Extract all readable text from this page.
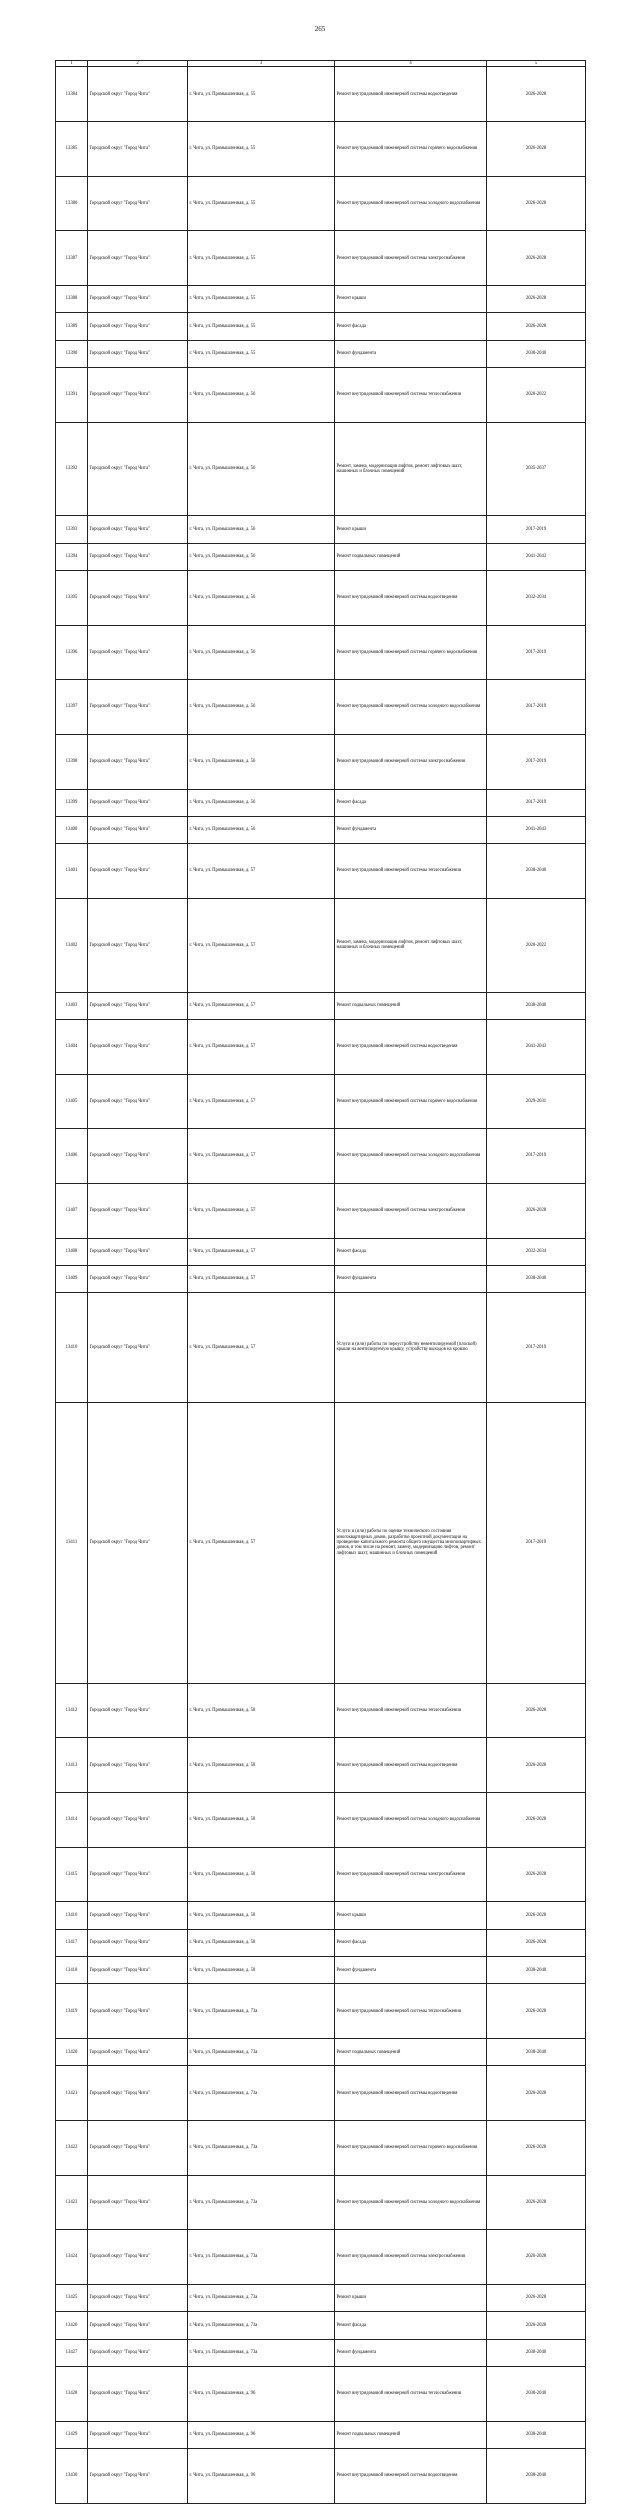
265
1	2	3	4	5
13384	Городской округ "Город Чита"	г. Чита, ул. Промышленная, д. 55	Ремонт внутридомовой инженерной системы водоотведения	2026-2028
13385	Городской округ "Город Чита"	г. Чита, ул. Промышленная, д. 55	Ремонт внутридомовой инженерной системы горячего водоснабжения	2026-2028
13386	Городской округ "Город Чита"	г. Чита, ул. Промышленная, д. 55	Ремонт внутридомовой инженерной системы холодного водоснабжения	2026-2028
13387	Городской округ "Город Чита"	г. Чита, ул. Промышленная, д. 55	Ремонт внутридомовой инженерной системы электроснабжения	2026-2028
13388	Городской округ "Город Чита"	г. Чита, ул. Промышленная, д. 55	Ремонт крыши	2026-2028
13389	Городской округ "Город Чита"	г. Чита, ул. Промышленная, д. 55	Ремонт фасада	2026-2028
13390	Городской округ "Город Чита"	г. Чита, ул. Промышленная, д. 55	Ремонт фундамента	2038-2040
13391	Городской округ "Город Чита"	г. Чита, ул. Промышленная, д. 56	Ремонт внутридомовой инженерной системы теплоснабжения	2020-2022
13392	Городской округ "Город Чита"	г. Чита, ул. Промышленная, д. 56	Ремонт, замена, модернизация лифтов, ремонт лифтовых шахт, машинных и блочных помещений	2035-2037
13393	Городской округ "Город Чита"	г. Чита, ул. Промышленная, д. 56	Ремонт крыши	2017-2019
13394	Городской округ "Город Чита"	г. Чита, ул. Промышленная, д. 56	Ремонт подвальных помещений	2041-2043
13395	Городской округ "Город Чита"	г. Чита, ул. Промышленная, д. 56	Ремонт внутридомовой инженерной системы водоотведения	2032-2034
13396	Городской округ "Город Чита"	г. Чита, ул. Промышленная, д. 56	Ремонт внутридомовой инженерной системы горячего водоснабжения	2017-2019
13397	Городской округ "Город Чита"	г. Чита, ул. Промышленная, д. 56	Ремонт внутридомовой инженерной системы холодного водоснабжения	2017-2019
13398	Городской округ "Город Чита"	г. Чита, ул. Промышленная, д. 56	Ремонт внутридомовой инженерной системы электроснабжения	2017-2019
13399	Городской округ "Город Чита"	г. Чита, ул. Промышленная, д. 56	Ремонт фасада	2017-2019
13400	Городской округ "Город Чита"	г. Чита, ул. Промышленная, д. 56	Ремонт фундамента	2041-2043
13401	Городской округ "Город Чита"	г. Чита, ул. Промышленная, д. 57	Ремонт внутридомовой инженерной системы теплоснабжения	2038-2040
13402	Городской округ "Город Чита"	г. Чита, ул. Промышленная, д. 57	Ремонт, замена, модернизация лифтов, ремонт лифтовых шахт, машинных и блочных помещений	2020-2022
13403	Городской округ "Город Чита"	г. Чита, ул. Промышленная, д. 57	Ремонт подвальных помещений	2038-2040
13404	Городской округ "Город Чита"	г. Чита, ул. Промышленная, д. 57	Ремонт внутридомовой инженерной системы водоотведения	2041-2043
13405	Городской округ "Город Чита"	г. Чита, ул. Промышленная, д. 57	Ремонт внутридомовой инженерной системы горячего водоснабжения	2029-2031
13406	Городской округ "Город Чита"	г. Чита, ул. Промышленная, д. 57	Ремонт внутридомовой инженерной системы холодного водоснабжения	2017-2019
13407	Городской округ "Город Чита"	г. Чита, ул. Промышленная, д. 57	Ремонт внутридомовой инженерной системы электроснабжения	2026-2028
13408	Городской округ "Город Чита"	г. Чита, ул. Промышленная, д. 57	Ремонт фасада	2032-2034
13409	Городской округ "Город Чита"	г. Чита, ул. Промышленная, д. 57	Ремонт фундамента	2038-2040
13410	Городской округ "Город Чита"	г. Чита, ул. Промышленная, д. 57	Услуги и (или) работы по переустройству невентилируемой (плоской) крыши на вентилируемую крышу, устройству выходов на кровлю	2017-2019
13411	Городской округ "Город Чита"	г. Чита, ул. Промышленная, д. 57	Услуги и (или) работы по оценке технического состояния многоквартирных домов, разработке проектной документации на проведение капитального ремонта общего имущества многоквартирных домов, в том числе на ремонт, замену, модернизацию лифтов, ремонт лифтовых шахт, машинных и блочных помещений	2017-2019
13412	Городской округ "Город Чита"	г. Чита, ул. Промышленная, д. 58	Ремонт внутридомовой инженерной системы теплоснабжения	2026-2028
13413	Городской округ "Город Чита"	г. Чита, ул. Промышленная, д. 58	Ремонт внутридомовой инженерной системы водоотведения	2026-2028
13414	Городской округ "Город Чита"	г. Чита, ул. Промышленная, д. 58	Ремонт внутридомовой инженерной системы холодного водоснабжения	2026-2028
13415	Городской округ "Город Чита"	г. Чита, ул. Промышленная, д. 58	Ремонт внутридомовой инженерной системы электроснабжения	2026-2028
13416	Городской округ "Город Чита"	г. Чита, ул. Промышленная, д. 58	Ремонт крыши	2026-2028
13417	Городской округ "Город Чита"	г. Чита, ул. Промышленная, д. 58	Ремонт фасада	2026-2028
13418	Городской округ "Город Чита"	г. Чита, ул. Промышленная, д. 58	Ремонт фундамента	2038-2040
13419	Городской округ "Город Чита"	г. Чита, ул. Промышленная, д. 73а	Ремонт внутридомовой инженерной системы теплоснабжения	2026-2028
13420	Городской округ "Город Чита"	г. Чита, ул. Промышленная, д. 73а	Ремонт подвальных помещений	2038-2040
13421	Городской округ "Город Чита"	г. Чита, ул. Промышленная, д. 73а	Ремонт внутридомовой инженерной системы водоотведения	2026-2028
13422	Городской округ "Город Чита"	г. Чита, ул. Промышленная, д. 73а	Ремонт внутридомовой инженерной системы горячего водоснабжения	2026-2028
13423	Городской округ "Город Чита"	г. Чита, ул. Промышленная, д. 73а	Ремонт внутридомовой инженерной системы холодного водоснабжения	2026-2028
13424	Городской округ "Город Чита"	г. Чита, ул. Промышленная, д. 73а	Ремонт внутридомовой инженерной системы электроснабжения	2026-2028
13425	Городской округ "Город Чита"	г. Чита, ул. Промышленная, д. 73а	Ремонт крыши	2026-2028
13426	Городской округ "Город Чита"	г. Чита, ул. Промышленная, д. 73а	Ремонт фасада	2026-2028
13427	Городской округ "Город Чита"	г. Чита, ул. Промышленная, д. 73а	Ремонт фундамента	2038-2040
13428	Городской округ "Город Чита"	г. Чита, ул. Промышленная, д. 96	Ремонт внутридомовой инженерной системы теплоснабжения	2038-2040
13429	Городской округ "Город Чита"	г. Чита, ул. Промышленная, д. 96	Ремонт подвальных помещений	2038-2040
13430	Городской округ "Город Чита"	г. Чита, ул. Промышленная, д. 96	Ремонт внутридомовой инженерной системы водоотведения	2038-2040
